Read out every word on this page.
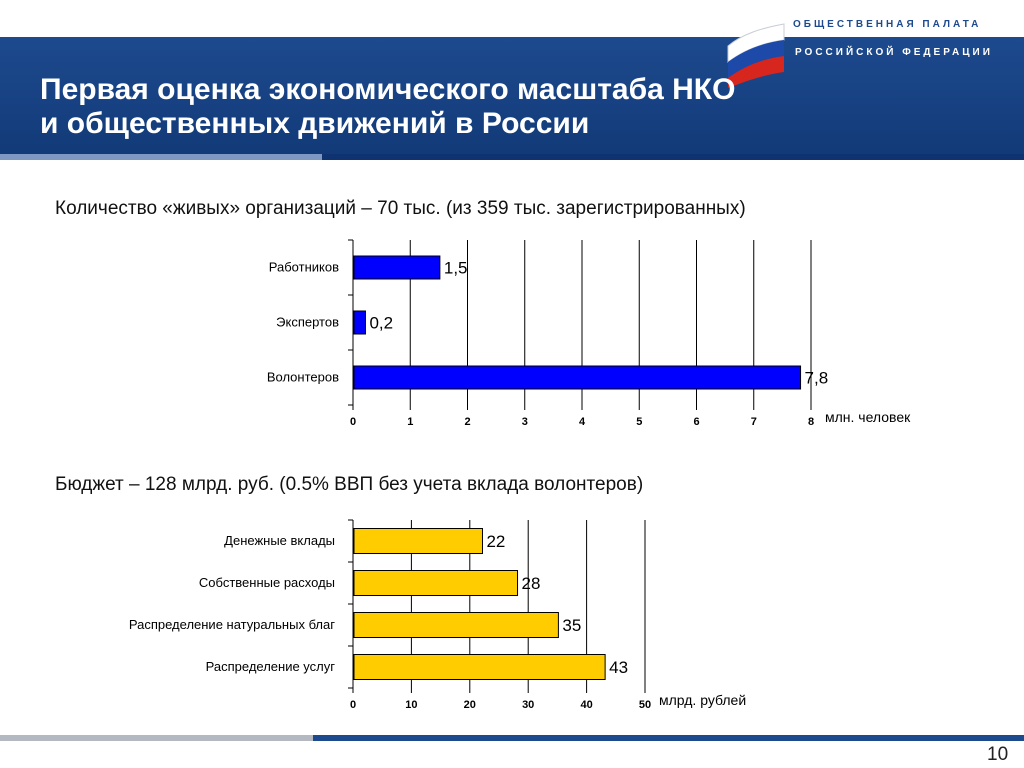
ОБЩЕСТВЕННАЯ ПАЛАТА
РОССИЙСКОЙ ФЕДЕРАЦИИ
Первая оценка экономического масштаба НКО
и общественных движений в России
Количество «живых» организаций – 70 тыс. (из 359 тыс. зарегистрированных)
0	1	2	3	4	5	6	7	8
Работников	1,5
Экспертов 0,2
Волонтеров	7,8
млн. человек
Бюджет – 128 млрд. руб. (0.5% ВВП без учета вклада волонтеров)
0	10	20	30	40	50
Денежные вклады	22
Собственные расходы	28
Распределение натуральных благ	35
Распределение услуг	43
млрд. рублей
10
